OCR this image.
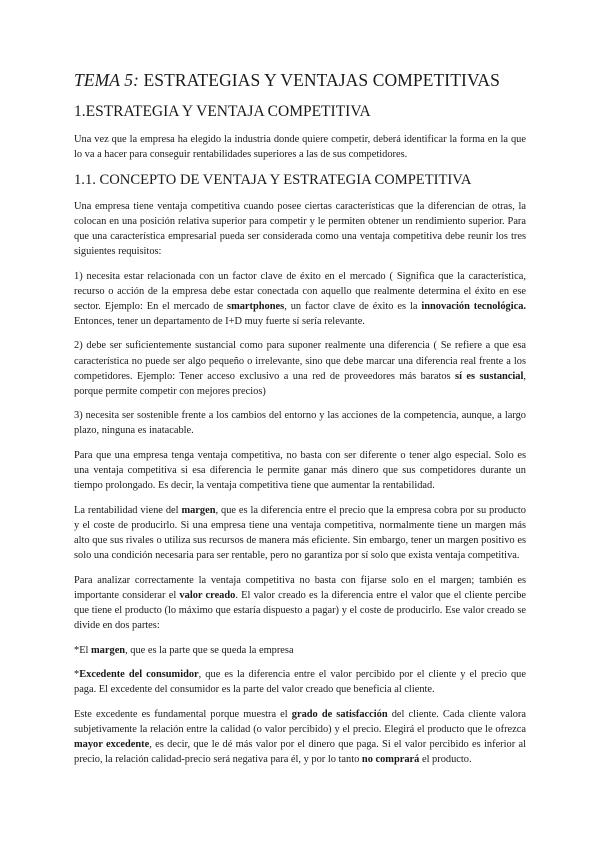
TEMA 5: ESTRATEGIAS Y VENTAJAS COMPETITIVAS
1.ESTRATEGIA Y VENTAJA COMPETITIVA

Una vez que la empresa ha elegido la industria donde quiere competir, deberá identificar la forma en la que lo va a hacer para conseguir rentabilidades superiores a las de sus competidores.

1.1. CONCEPTO DE VENTAJA Y ESTRATEGIA COMPETITIVA

Una empresa tiene ventaja competitiva cuando posee ciertas características que la diferencian de otras, la colocan en una posición relativa superior para competir y le permiten obtener un rendimiento superior. Para que una característica empresarial pueda ser considerada como una ventaja competitiva debe reunir los tres siguientes requisitos:

1) necesita estar relacionada con un factor clave de éxito en el mercado ( Significa que la característica, recurso o acción de la empresa debe estar conectada con aquello que realmente determina el éxito en ese sector. Ejemplo: En el mercado de smartphones, un factor clave de éxito es la innovación tecnológica. Entonces, tener un departamento de I+D muy fuerte sí sería relevante.

2) debe ser suficientemente sustancial como para suponer realmente una diferencia ( Se refiere a que esa característica no puede ser algo pequeño o irrelevante, sino que debe marcar una diferencia real frente a los competidores. Ejemplo: Tener acceso exclusivo a una red de proveedores más baratos sí es sustancial, porque permite competir con mejores precios)

3) necesita ser sostenible frente a los cambios del entorno y las acciones de la competencia, aunque, a largo plazo, ninguna es inatacable.

Para que una empresa tenga ventaja competitiva, no basta con ser diferente o tener algo especial. Solo es una ventaja competitiva si esa diferencia le permite ganar más dinero que sus competidores durante un tiempo prolongado. Es decir, la ventaja competitiva tiene que aumentar la rentabilidad.

La rentabilidad viene del margen, que es la diferencia entre el precio que la empresa cobra por su producto y el coste de producirlo. Si una empresa tiene una ventaja competitiva, normalmente tiene un margen más alto que sus rivales o utiliza sus recursos de manera más eficiente. Sin embargo, tener un margen positivo es solo una condición necesaria para ser rentable, pero no garantiza por sí solo que exista ventaja competitiva.

Para analizar correctamente la ventaja competitiva no basta con fijarse solo en el margen; también es importante considerar el valor creado. El valor creado es la diferencia entre el valor que el cliente percibe que tiene el producto (lo máximo que estaría dispuesto a pagar) y el coste de producirlo. Ese valor creado se divide en dos partes:

*El margen, que es la parte que se queda la empresa

*Excedente del consumidor, que es la diferencia entre el valor percibido por el cliente y el precio que paga. El excedente del consumidor es la parte del valor creado que beneficia al cliente.

Este excedente es fundamental porque muestra el grado de satisfacción del cliente. Cada cliente valora subjetivamente la relación entre la calidad (o valor percibido) y el precio. Elegirá el producto que le ofrezca mayor excedente, es decir, que le dé más valor por el dinero que paga. Si el valor percibido es inferior al precio, la relación calidad-precio será negativa para él, y por lo tanto no comprará el producto.
